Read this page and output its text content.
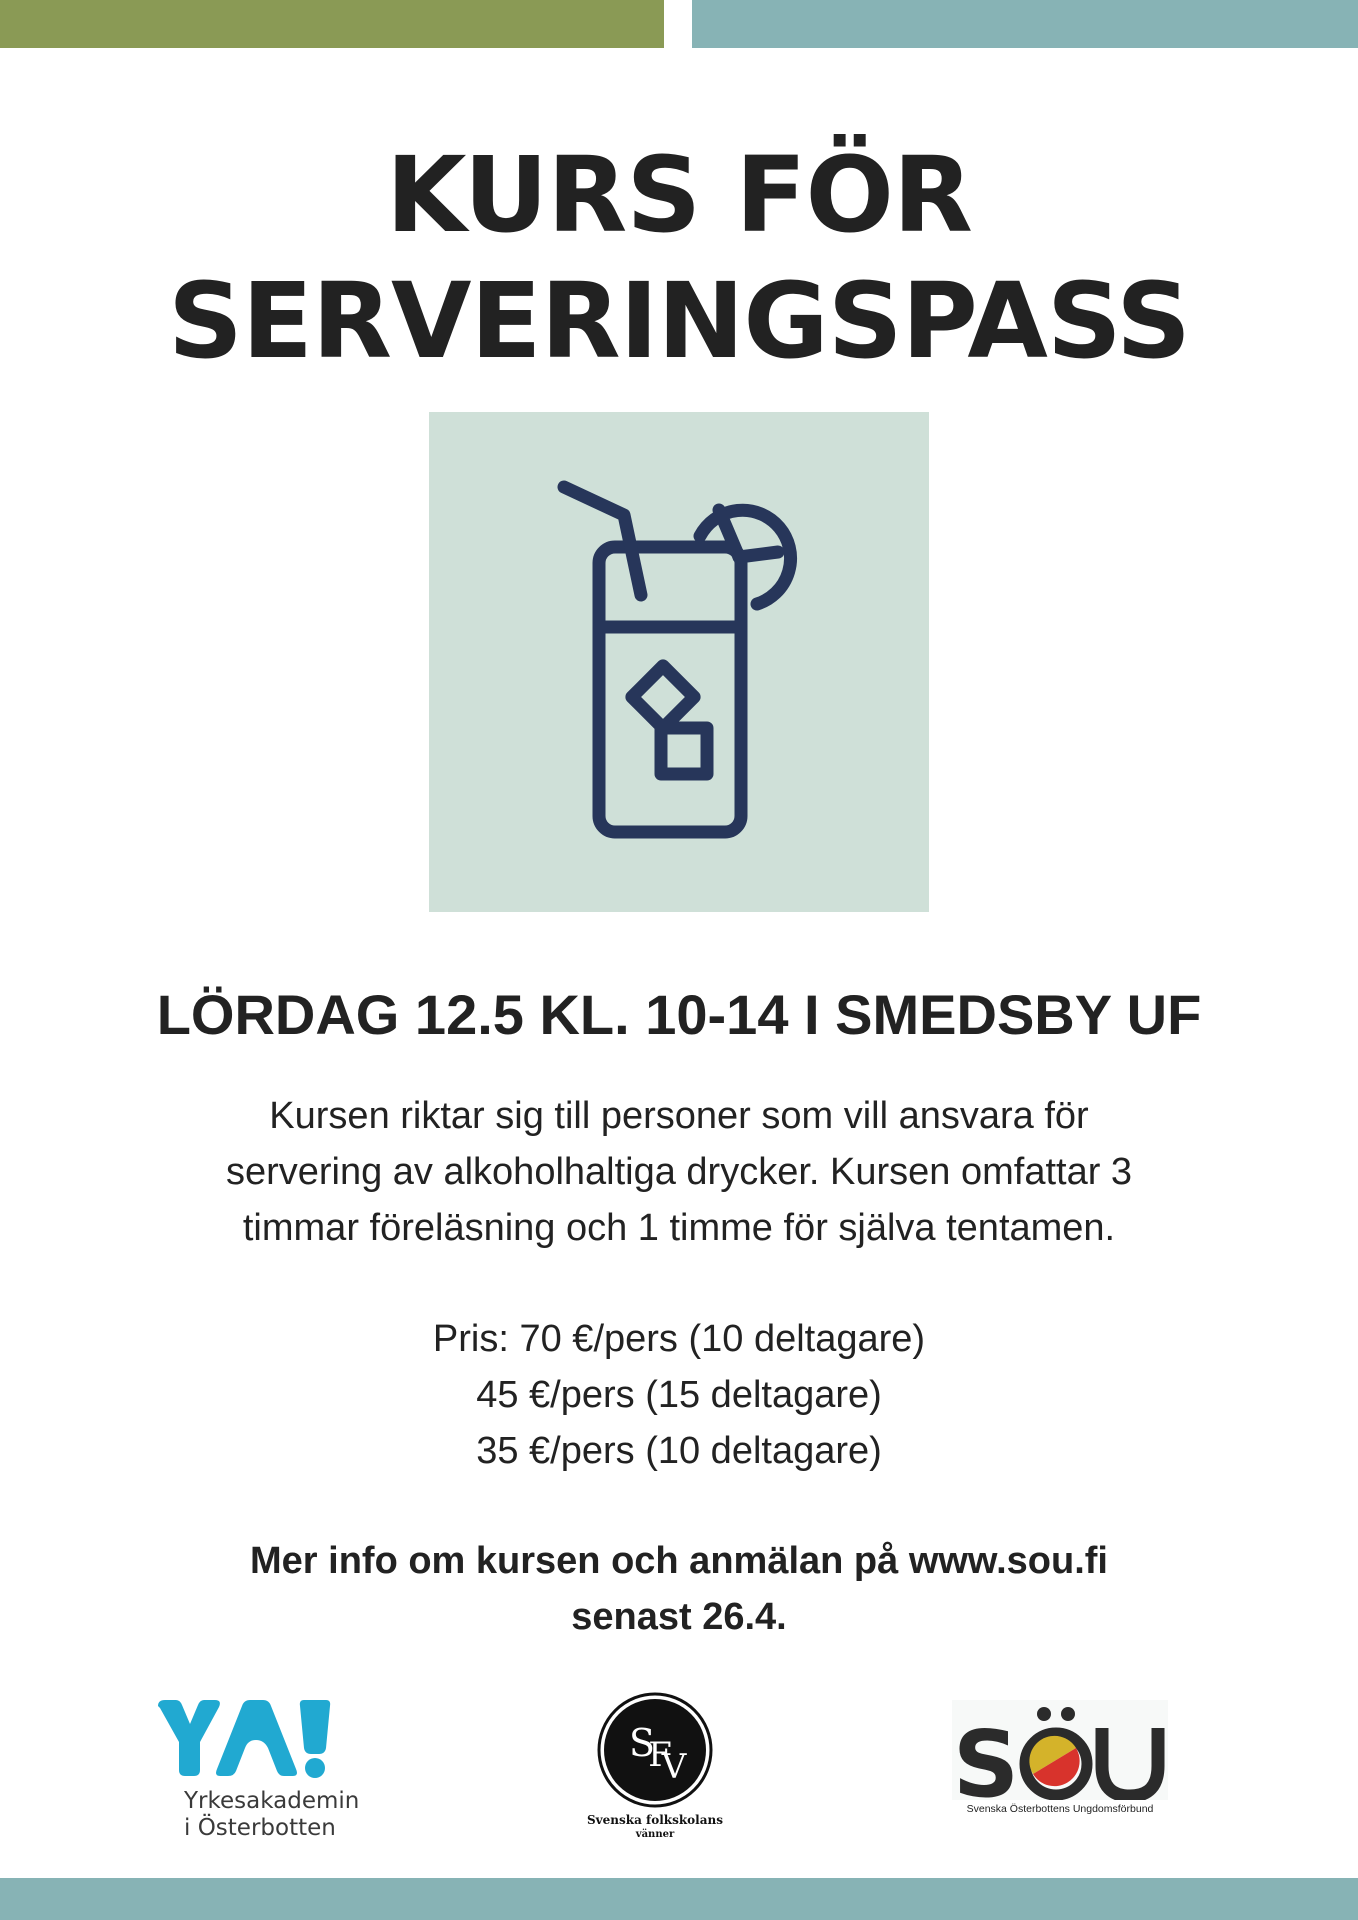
KURS FÖR
SERVERINGSPASS
LÖRDAG 12.5 KL. 10-14 I SMEDSBY UF
Kursen riktar sig till personer som vill ansvara för
servering av alkoholhaltiga drycker. Kursen omfattar 3
timmar föreläsning och 1 timme för själva tentamen.
Pris: 70 €/pers (10 deltagare)
45 €/pers (15 deltagare)
35 €/pers (10 deltagare)
Mer info om kursen och anmälan på www.sou.fi
senast 26.4.
Yrkesakademin
i Österbotten
S
F
V
Svenska folkskolans
vänner
S
Svenska Österbottens Ungdomsförbund
